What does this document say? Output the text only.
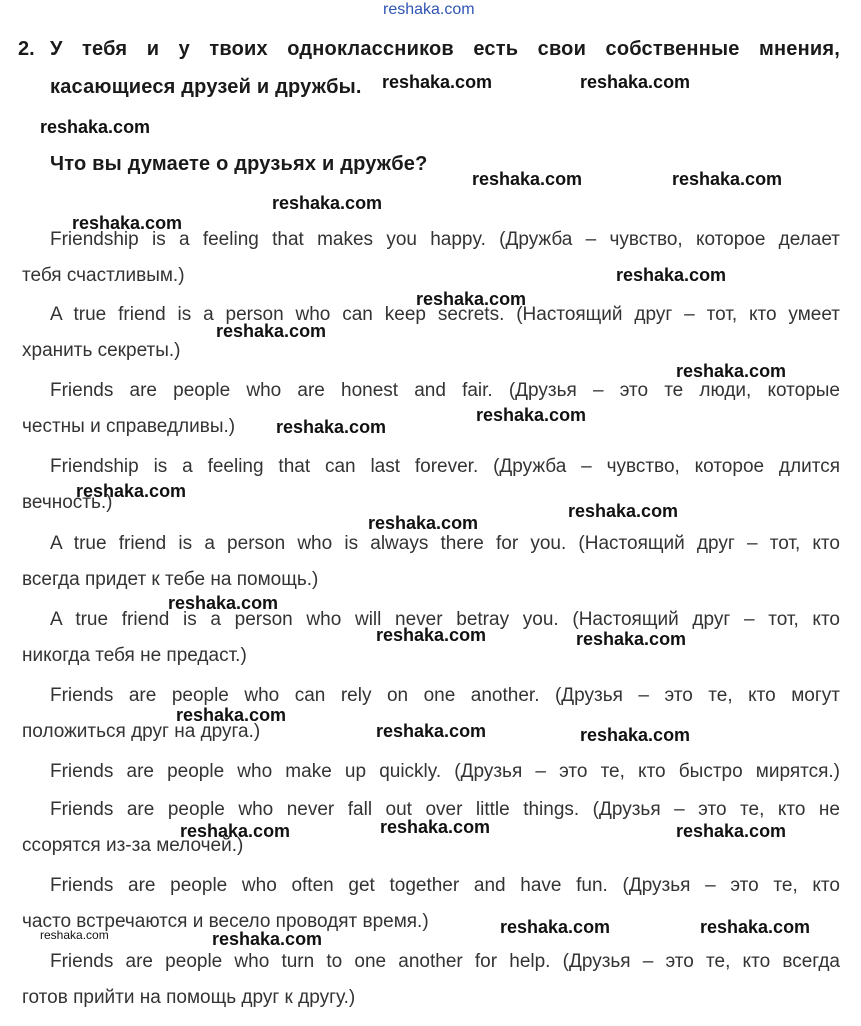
reshaka.com
2. У тебя и у твоих одноклассников есть свои собственные мнения,
касающиеся друзей и дружбы.
Что вы думаете о друзьях и дружбе?
Friendship is a feeling that makes you happy. (Дружба – чувство, которое делает
тебя счастливым.)
A true friend is a person who can keep secrets. (Настоящий друг – тот, кто умеет
хранить секреты.)
Friends are people who are honest and fair. (Друзья – это те люди, которые
честны и справедливы.)
Friendship is a feeling that can last forever. (Дружба – чувство, которое длится
вечность.)
A true friend is a person who is always there for you. (Настоящий друг – тот, кто
всегда придет к тебе на помощь.)
A true friend is a person who will never betray you. (Настоящий друг – тот, кто
никогда тебя не предаст.)
Friends are people who can rely on one another. (Друзья – это те, кто могут
положиться друг на друга.)
Friends are people who make up quickly. (Друзья – это те, кто быстро мирятся.)
Friends are people who never fall out over little things. (Друзья – это те, кто не
ссорятся из-за мелочей.)
Friends are people who often get together and have fun. (Друзья – это те, кто
часто встречаются и весело проводят время.)
Friends are people who turn to one another for help. (Друзья – это те, кто всегда
готов прийти на помощь друг к другу.)
reshaka.com	reshaka.com
reshaka.com
reshaka.com	reshaka.com
reshaka.com
reshaka.com
reshaka.com
reshaka.com
reshaka.com
reshaka.com
reshaka.com
reshaka.com
reshaka.com
reshaka.com
reshaka.com
reshaka.com
reshaka.com	reshaka.com
reshaka.com
reshaka.com	reshaka.com
reshaka.com
reshaka.com	reshaka.com
reshaka.com	reshaka.com
reshaka.com
reshaka.com
